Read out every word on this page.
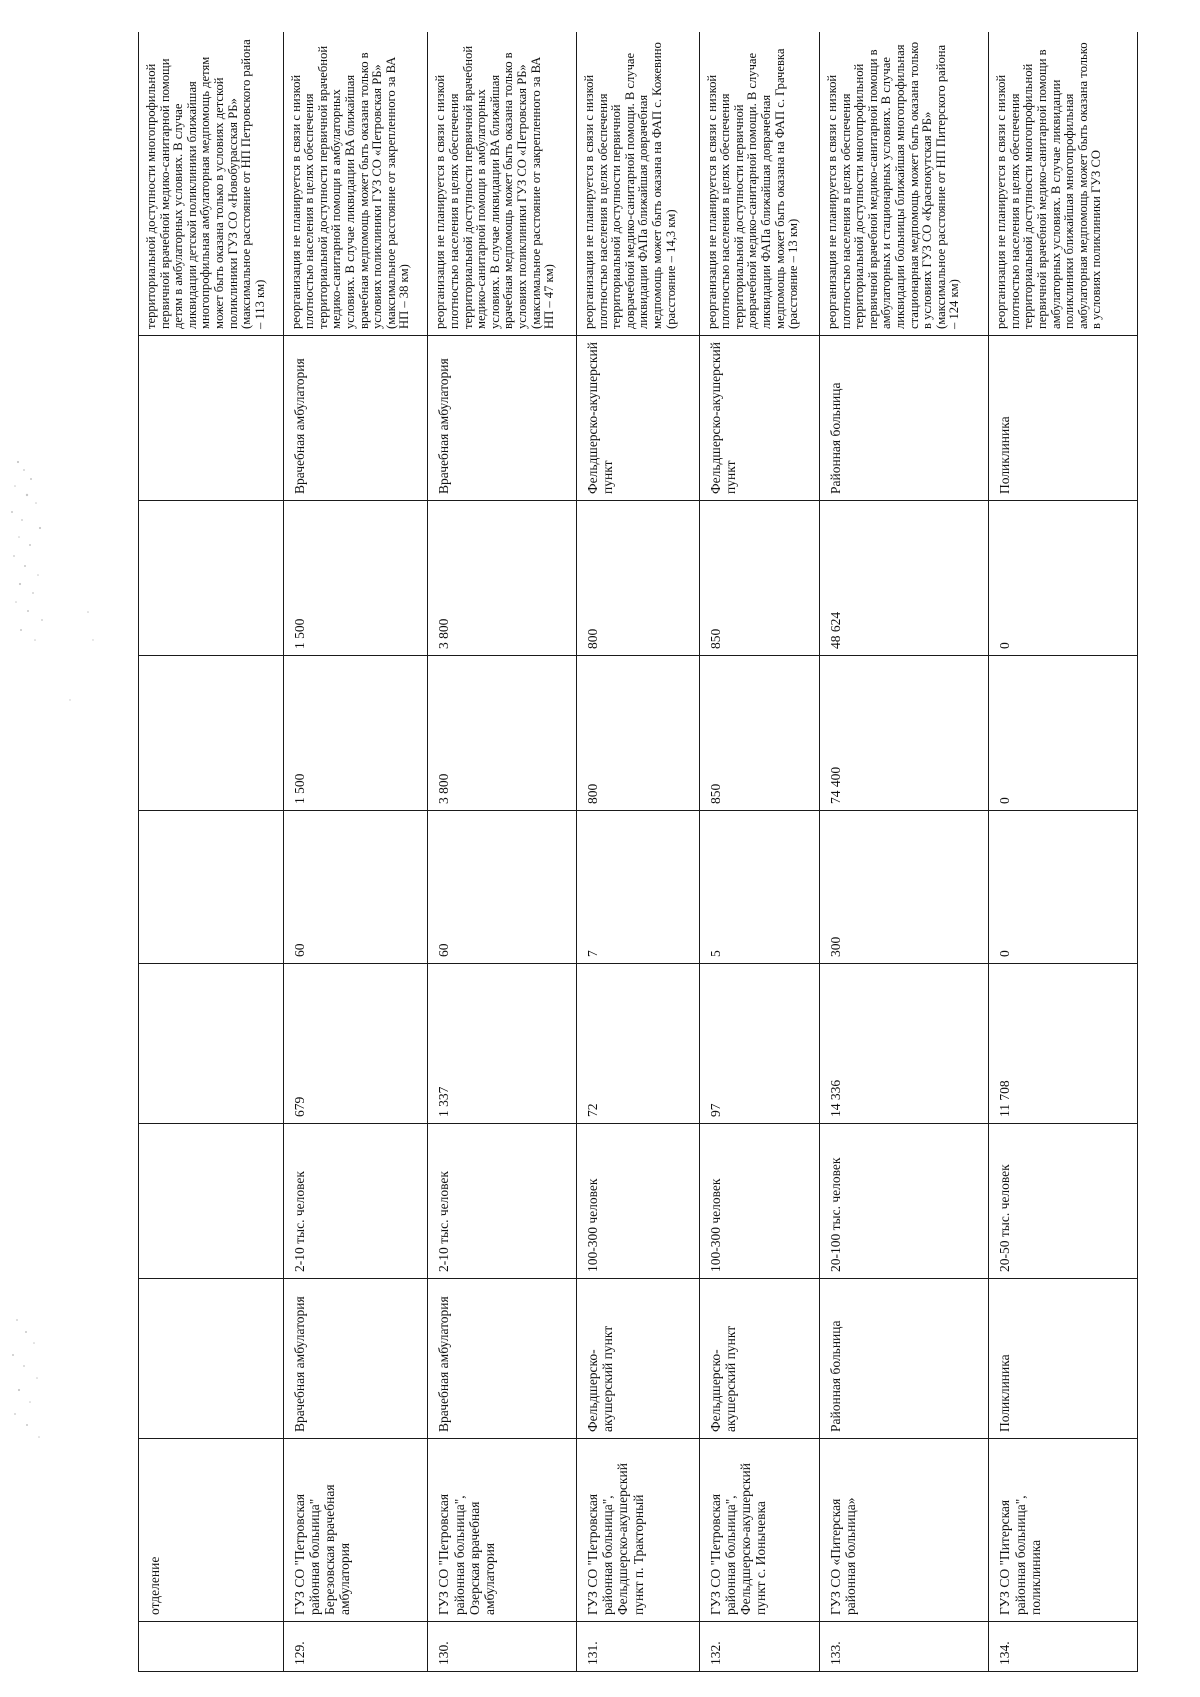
	отделение								территориальной доступности многопрофильной первичной врачебной медико-санитарной помощи детям в амбулаторных условиях. В случае ликвидации детской поликлиники ближайшая многопрофильная амбулаторная медпомощь детям может быть оказана только в условиях детской поликлиники ГУЗ СО «Новобурасская РБ» (максимальное расстояние от НП Петровского района – 113 км)
129.	ГУЗ СО "Петровская районная больница" Березовская врачебная амбулатория	Врачебная амбулатория	2-10 тыс. человек	679	60	1 500	1 500	Врачебная амбулатория	реорганизация не планируется в связи с низкой плотностью населения в целях обеспечения территориальной доступности первичной врачебной медико-санитарной помощи в амбулаторных условиях. В случае ликвидации ВА ближайшая врачебная медпомощь может быть оказана только в условиях поликлиники ГУЗ СО «Петровская РБ» (максимальное расстояние от закрепленного за ВА НП – 38 км)
130.	ГУЗ СО "Петровская районная больница", Озерская врачебная амбулатория	Врачебная амбулатория	2-10 тыс. человек	1 337	60	3 800	3 800	Врачебная амбулатория	реорганизация не планируется в связи с низкой плотностью населения в целях обеспечения территориальной доступности первичной врачебной медико-санитарной помощи в амбулаторных условиях. В случае ликвидации ВА ближайшая врачебная медпомощь может быть оказана только в условиях поликлиники ГУЗ СО «Петровская РБ» (максимальное расстояние от закрепленного за ВА НП – 47 км)
131.	ГУЗ СО "Петровская районная больница", Фельдшерско-акушерский пункт п. Тракторный	Фельдшерско-акушерский пункт	100-300 человек	72	7	800	800	Фельдшерско-акушерский пункт	реорганизация не планируется в связи с низкой плотностью населения в целях обеспечения территориальной доступности первичной доврачебной медико-санитарной помощи. В случае ликвидации ФАПа ближайшая доврачебная медпомощь может быть оказана на ФАП с. Кожевино (расстояние – 14,3 км)
132.	ГУЗ СО "Петровская районная больница", Фельдшерско-акушерский пункт с. Ионычевка	Фельдшерско-акушерский пункт	100-300 человек	97	5	850	850	Фельдшерско-акушерский пункт	реорганизация не планируется в связи с низкой плотностью населения в целях обеспечения территориальной доступности первичной доврачебной медико-санитарной помощи. В случае ликвидации ФАПа ближайшая доврачебная медпомощь может быть оказана на ФАП с. Грачевка (расстояние – 13 км)
133.	ГУЗ СО «Питерская районная больница»	Районная больница	20-100 тыс. человек	14 336	300	74 400	48 624	Районная больница	реорганизация не планируется в связи с низкой плотностью населения в целях обеспечения территориальной доступности многопрофильной первичной врачебной медико-санитарной помощи в амбулаторных и стационарных условиях. В случае ликвидации больницы ближайшая многопрофильная стационарная медпомощь может быть оказана только в условиях ГУЗ СО «Краснокутская РБ» (максимальное расстояние от НП Питерского района – 124 км)
134.	ГУЗ СО "Питерская районная больница", поликлиника	Поликлиника	20-50 тыс. человек	11 708	0	0	0	Поликлиника	реорганизация не планируется в связи с низкой плотностью населения в целях обеспечения территориальной доступности многопрофильной первичной врачебной медико-санитарной помощи в амбулаторных условиях. В случае ликвидации поликлиники ближайшая многопрофильная амбулаторная медпомощь может быть оказана только в условиях поликлиники ГУЗ СО
